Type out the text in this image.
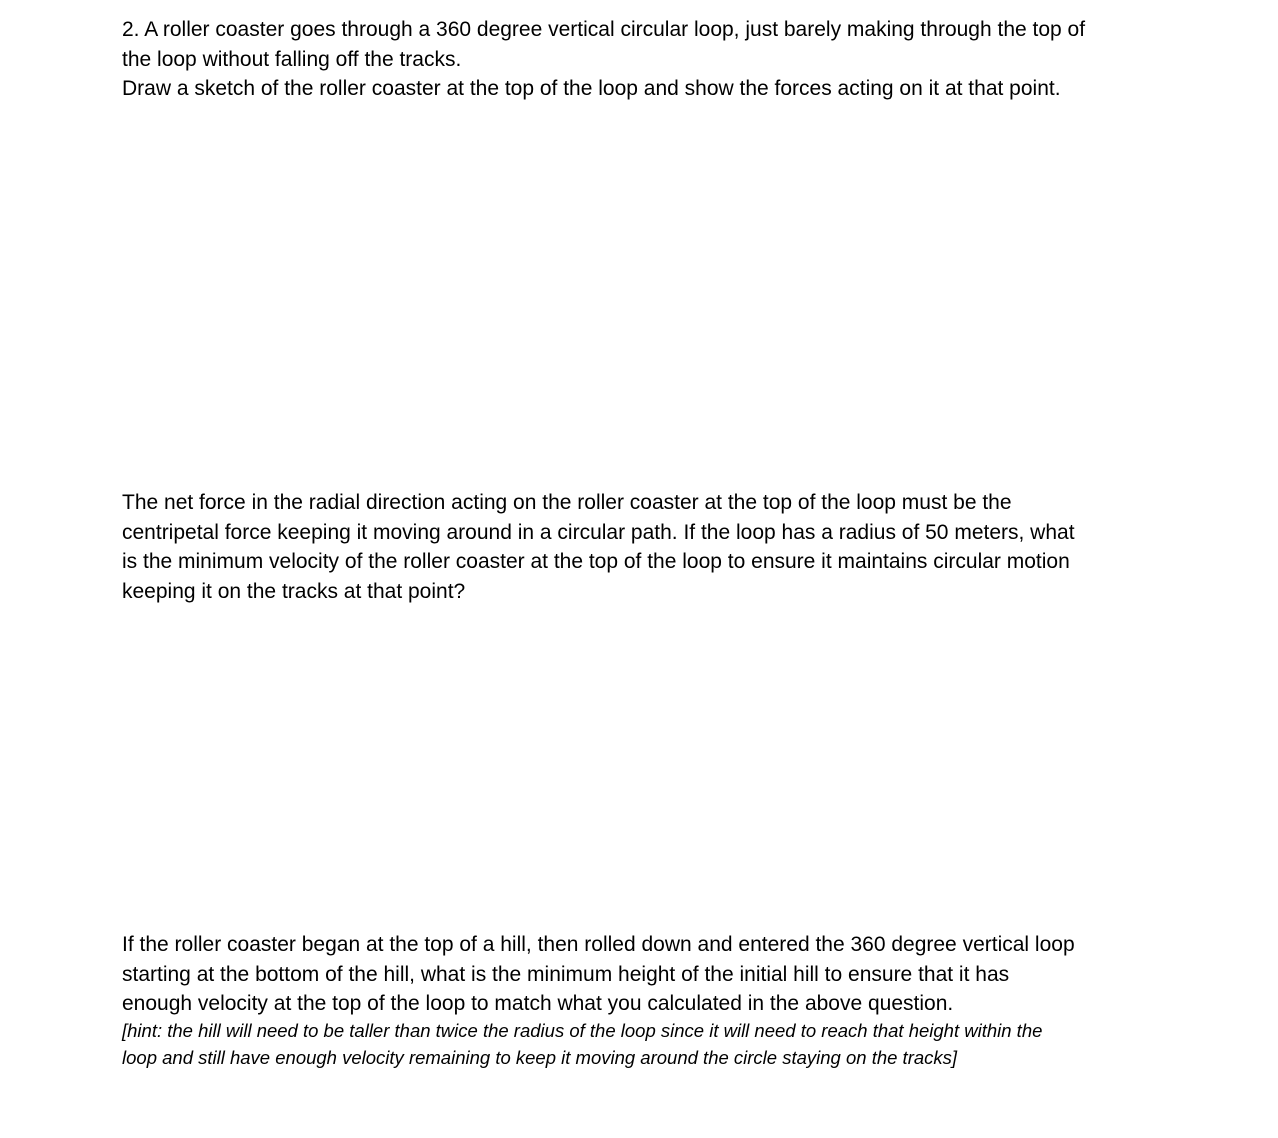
2. A roller coaster goes through a 360 degree vertical circular loop, just barely making through the top of
the loop without falling off the tracks.
Draw a sketch of the roller coaster at the top of the loop and show the forces acting on it at that point.
The net force in the radial direction acting on the roller coaster at the top of the loop must be the
centripetal force keeping it moving around in a circular path. If the loop has a radius of 50 meters, what
is the minimum velocity of the roller coaster at the top of the loop to ensure it maintains circular motion
keeping it on the tracks at that point?
If the roller coaster began at the top of a hill, then rolled down and entered the 360 degree vertical loop
starting at the bottom of the hill, what is the minimum height of the initial hill to ensure that it has
enough velocity at the top of the loop to match what you calculated in the above question.
[hint: the hill will need to be taller than twice the radius of the loop since it will need to reach that height within the
loop and still have enough velocity remaining to keep it moving around the circle staying on the tracks]
